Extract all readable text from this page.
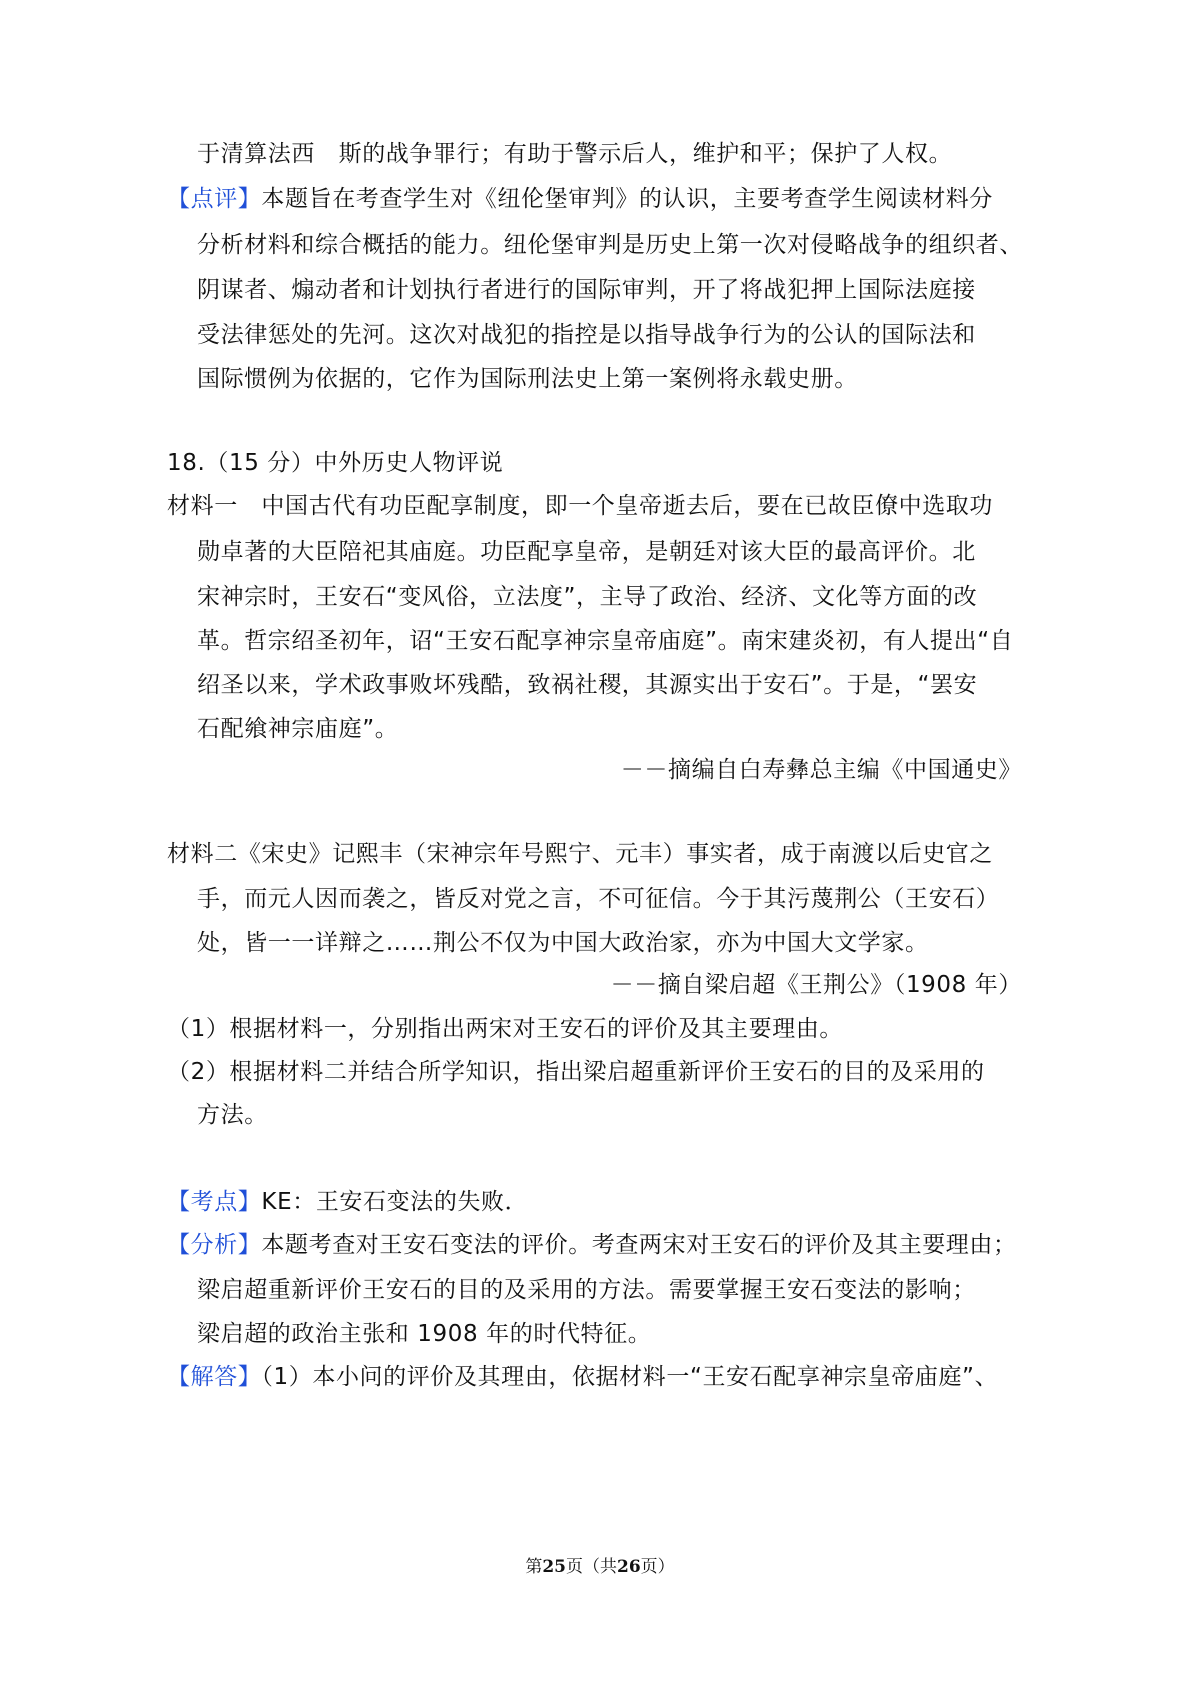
于清算法西　斯的战争罪行；有助于警示后人，维护和平；保护了人权。
【点评】本题旨在考查学生对《纽伦堡审判》的认识，主要考查学生阅读材料分
分析材料和综合概括的能力。纽伦堡审判是历史上第一次对侵略战争的组织者、
阴谋者、煽动者和计划执行者进行的国际审判，开了将战犯押上国际法庭接
受法律惩处的先河。这次对战犯的指控是以指导战争行为的公认的国际法和
国际惯例为依据的，它作为国际刑法史上第一案例将永载史册。
18.（15 分）中外历史人物评说
材料一　中国古代有功臣配享制度，即一个皇帝逝去后，要在已故臣僚中选取功
勋卓著的大臣陪祀其庙庭。功臣配享皇帝，是朝廷对该大臣的最高评价。北
宋神宗时，王安石“变风俗，立法度”，主导了政治、经济、文化等方面的改
革。哲宗绍圣初年，诏“王安石配享神宗皇帝庙庭”。南宋建炎初，有人提出“自
绍圣以来，学术政事败坏残酷，致祸社稷，其源实出于安石”。于是，“罢安
石配飨神宗庙庭”。
－－摘编自白寿彝总主编《中国通史》
材料二《宋史》记熙丰（宋神宗年号熙宁、元丰）事实者，成于南渡以后史官之
手，而元人因而袭之，皆反对党之言，不可征信。今于其污蔑荆公（王安石）
处，皆一一详辩之……荆公不仅为中国大政治家，亦为中国大文学家。
－－摘自梁启超《王荆公》（1908 年）
（1）根据材料一，分别指出两宋对王安石的评价及其主要理由。
（2）根据材料二并结合所学知识，指出梁启超重新评价王安石的目的及采用的
方法。
【考点】KE：王安石变法的失败．
【分析】本题考查对王安石变法的评价。考查两宋对王安石的评价及其主要理由；
梁启超重新评价王安石的目的及采用的方法。需要掌握王安石变法的影响；
梁启超的政治主张和 1908 年的时代特征。
【解答】（1）本小问的评价及其理由，依据材料一“王安石配享神宗皇帝庙庭”、
第25页（共26页）
